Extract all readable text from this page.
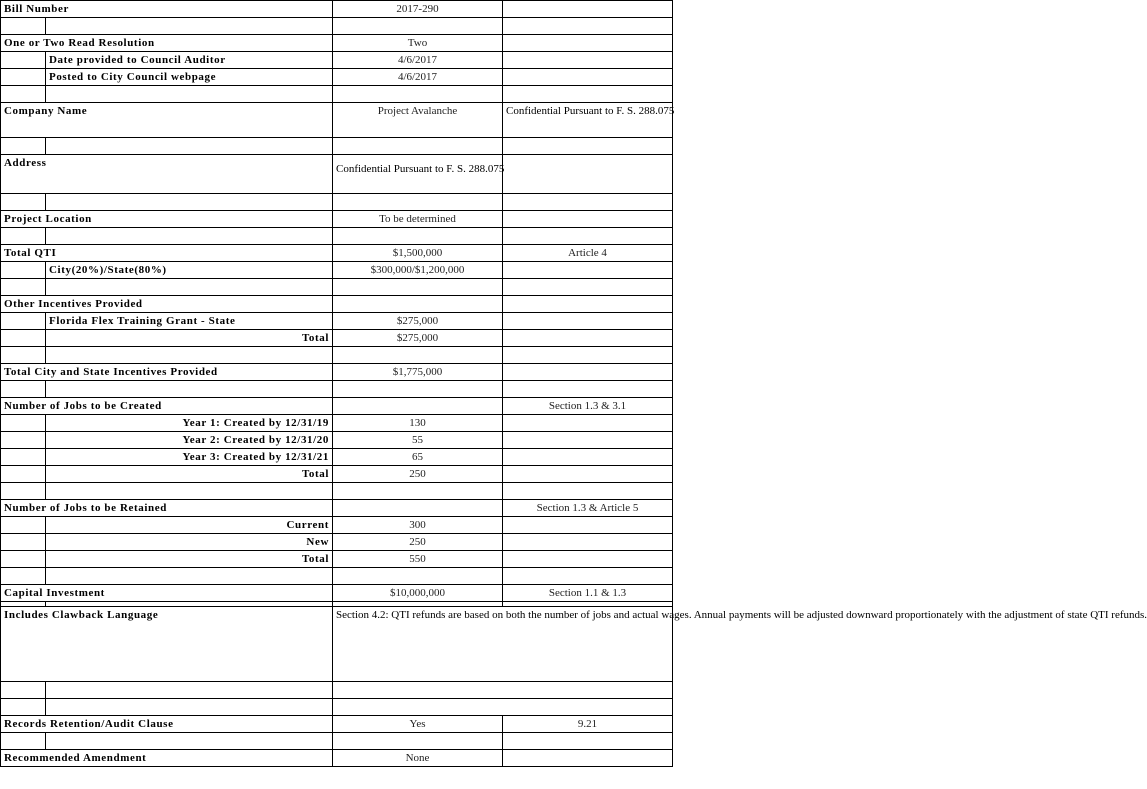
Bill Number		2017-290	

One or Two Read Resolution		Two	
	Date provided to Council Auditor	4/6/2017	
	Posted to City Council webpage	4/6/2017	

Company Name		Project Avalanche	Confidential Pursuant to F. S. 288.075

Address		Confidential Pursuant to F. S. 288.075	

Project Location		To be determined	

Total QTI		$1,500,000	Article 4
	City(20%)/State(80%)	$300,000/$1,200,000	

Other Incentives Provided			
	Florida Flex Training Grant - State	$275,000	
	Total	$275,000	

Total City and State Incentives Provided		$1,775,000	

Number of Jobs to be Created			Section 1.3 & 3.1
	Year 1: Created by 12/31/19	130	
	Year 2: Created by 12/31/20	55	
	Year 3: Created by 12/31/21	65	
	Total	250	

Number of Jobs to be Retained			Section 1.3 & Article 5
	Current	300	
	New	250	
	Total	550	

Capital Investment		$10,000,000	Section 1.1 & 1.3

Includes Clawback Language		Section 4.2: QTI refunds are based on both the number of jobs and actual wages. Annual payments will be adjusted downward proportionately with the adjustment of state QTI refunds.	

Records Retention/Audit Clause		Yes	9.21

Recommended Amendment		None	
